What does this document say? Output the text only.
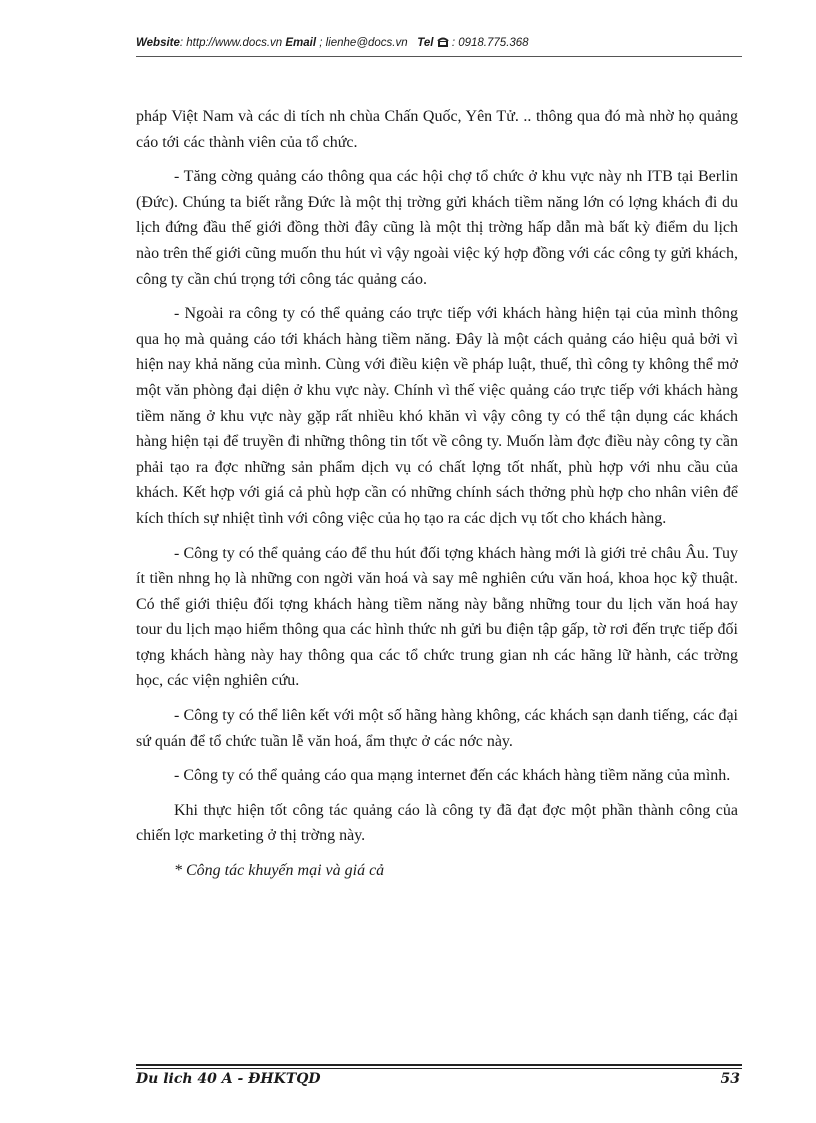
Website: http://www.docs.vn Email ; lienhe@docs.vn Tel  : 0918.775.368

pháp Việt Nam và các di tích nh chùa Chấn Quốc, Yên Tử. .. thông qua đó mà nhờ họ quảng cáo tới các thành viên của tổ chức.

- Tăng cờng quảng cáo thông qua các hội chợ tổ chức ở khu vực này nh ITB tại Berlin (Đức). Chúng ta biết rằng Đức là một thị trờng gửi khách tiềm năng lớn có lợng khách đi du lịch đứng đầu thế giới đồng thời đây cũng là một thị trờng hấp dẫn mà bất kỳ điểm du lịch nào trên thế giới cũng muốn thu hút vì vậy ngoài việc ký hợp đồng với các công ty gửi khách, công ty cần chú trọng tới công tác quảng cáo.

- Ngoài ra công ty có thể quảng cáo trực tiếp với khách hàng hiện tại của mình thông qua họ mà quảng cáo tới khách hàng tiềm năng. Đây là một cách quảng cáo hiệu quả bởi vì hiện nay khả năng của mình. Cùng với điều kiện về pháp luật, thuế, thì công ty không thể mở một văn phòng đại diện ở khu vực này. Chính vì thế việc quảng cáo trực tiếp với khách hàng tiềm năng ở khu vực này gặp rất nhiều khó khăn vì vậy công ty có thể tận dụng các khách hàng hiện tại để truyền đi những thông tin tốt về công ty. Muốn làm đợc điều này công ty cần phải tạo ra đợc những sản phẩm dịch vụ có chất lợng tốt nhất, phù hợp với nhu cầu của khách. Kết hợp với giá cả phù hợp cần có những chính sách thởng phù hợp cho nhân viên để kích thích sự nhiệt tình với công việc của họ tạo ra các dịch vụ tốt cho khách hàng.

- Công ty có thể quảng cáo để thu hút đối tợng khách hàng mới là giới trẻ châu Âu. Tuy ít tiền nhng họ là những con ngời văn hoá và say mê nghiên cứu văn hoá, khoa học kỹ thuật. Có thể giới thiệu đối tợng khách hàng tiềm năng này bằng những tour du lịch văn hoá hay tour du lịch mạo hiểm thông qua các hình thức nh gửi bu điện tập gấp, tờ rơi đến trực tiếp đối tợng khách hàng này hay thông qua các tổ chức trung gian nh các hãng lữ hành, các trờng học, các viện nghiên cứu.

- Công ty có thể liên kết với một số hãng hàng không, các khách sạn danh tiếng, các đại sứ quán để tổ chức tuần lễ văn hoá, ẩm thực ở các nớc này.

- Công ty có thể quảng cáo qua mạng internet đến các khách hàng tiềm năng của mình.

Khi thực hiện tốt công tác quảng cáo là công ty đã đạt đợc một phần thành công của chiến lợc marketing ở thị trờng này.

* Công tác khuyến mại và giá cả

Du lich 40 A - ĐHKTQD	53
